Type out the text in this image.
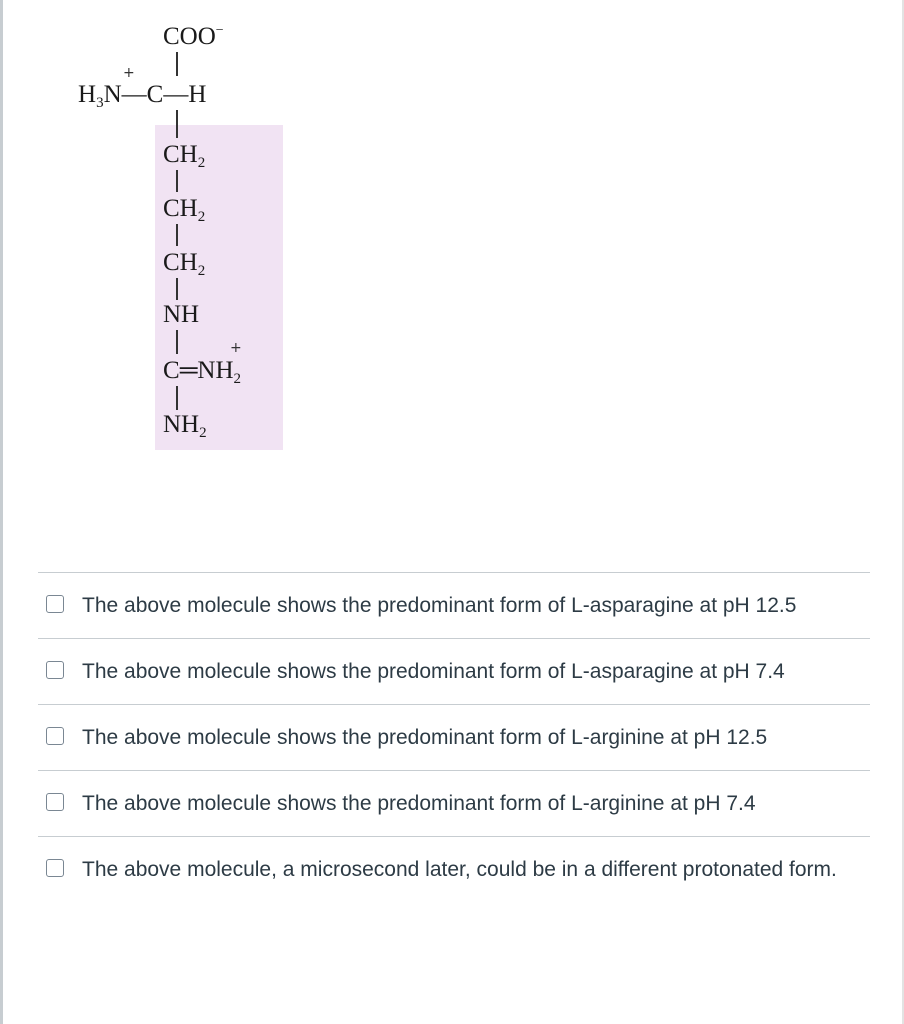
COO−
$H_3N—C—H$
+
$CH_2$
$CH_2$
$CH_2$
NH
$C═NH_2$
+
$NH_2$
The above molecule shows the predominant form of L-asparagine at pH 12.5
The above molecule shows the predominant form of L-asparagine at pH 7.4
The above molecule shows the predominant form of L-arginine at pH 12.5
The above molecule shows the predominant form of L-arginine at pH 7.4
The above molecule, a microsecond later, could be in a different protonated form.
